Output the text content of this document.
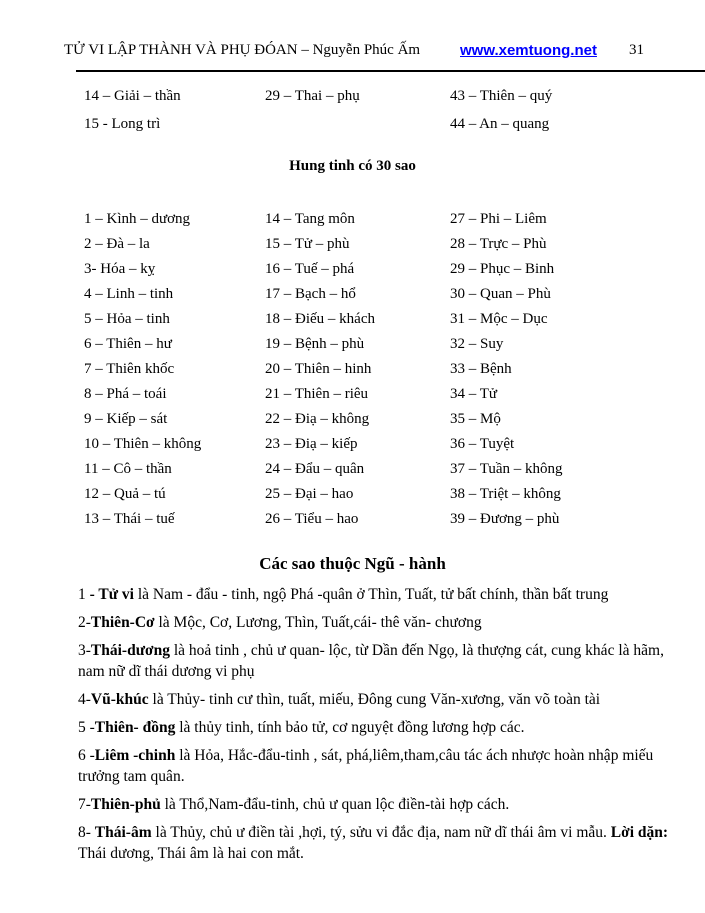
TỬ VI LẬP THÀNH VÀ PHỤ ĐÓAN – Nguyễn Phúc Ấm	www.xemtuong.net 31
14 – Giải – thần
15 - Long trì
29 – Thai – phụ	43 – Thiên – quý
44 – An – quang
Hung tinh có 30 sao
1 – Kình – dương
2 – Đà – la
3- Hóa – kỵ
4 – Linh – tinh
5 – Hỏa – tinh
6 – Thiên – hư
7 – Thiên khốc
8 – Phá – toái
9 – Kiếp – sát
10 – Thiên – không
11 – Cô – thần
12 – Quả – tú
13 – Thái – tuế
14 – Tang môn
15 – Tử – phù
16 – Tuế – phá
17 – Bạch – hổ
18 – Điếu – khách
19 – Bệnh – phù
20 – Thiên – hinh
21 – Thiên – riêu
22 – Điạ – không
23 – Điạ – kiếp
24 – Đẩu – quân
25 – Đại – hao
26 – Tiểu – hao
27 – Phi – Liêm
28 – Trực – Phù
29 – Phục – Binh
30 – Quan – Phù
31 – Mộc – Dục
32 – Suy
33 – Bệnh
34 – Tử
35 – Mộ
36 – Tuyệt
37 – Tuần – không
38 – Triệt – không
39 – Đương – phù
Các sao thuộc Ngũ - hành

1 - Tử vi là Nam - đẩu - tinh, ngộ Phá -quân ở Thìn, Tuất, tử bất chính, thần bất trung

2-Thiên-Cơ là Mộc, Cơ, Lương, Thìn, Tuất,cái- thê văn- chương

3-Thái-dương là hoả tinh , chủ ư quan- lộc, từ Dần đến Ngọ, là thượng cát, cung khác là hãm,
nam nữ dĩ thái dương vi phụ

4-Vũ-khúc là Thủy- tinh cư thìn, tuất, miếu, Đông cung Văn-xương, văn võ toàn tài

5 -Thiên- đồng là thủy tinh, tính bảo tử, cơ nguyệt đồng lương hợp các.

6 -Liêm -chinh là Hỏa, Hắc-đẩu-tinh , sát, phá,liêm,tham,câu tác ách nhược hoàn nhập miếu
trưởng tam quân.

7-Thiên-phủ là Thổ,Nam-đẩu-tinh, chủ ư quan lộc điền-tài hợp cách.

8- Thái-âm là Thủy, chủ ư điền tài ,hợi, tý, sửu vi đắc địa, nam nữ dĩ thái âm vi mẫu. Lời dặn:
Thái dương, Thái âm là hai con mắt.
